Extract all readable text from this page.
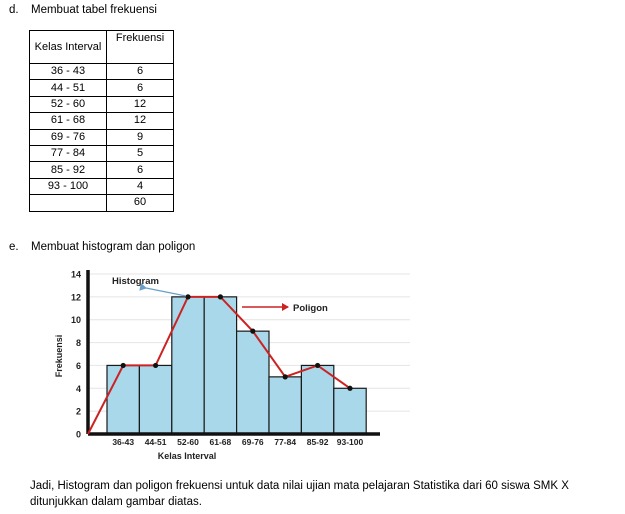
d. Membuat tabel frekuensi
Kelas Interval	Frekuensi
36 - 43	6
44 - 51	6
52 - 60	12
61 - 68	12
69 - 76	9
77 - 84	5
85 - 92	6
93 - 100	4
	60
e. Membuat histogram dan poligon
0
2
4
6
8
10
12
14
36-43 44-51 52-60 61-68 69-76 77-84 85-92 93-100
Kelas Interval
Frekuensi
Histogram
Poligon
Jadi, Histogram dan poligon frekuensi untuk data nilai ujian mata pelajaran Statistika dari 60 siswa SMK X ditunjukkan dalam gambar diatas.
